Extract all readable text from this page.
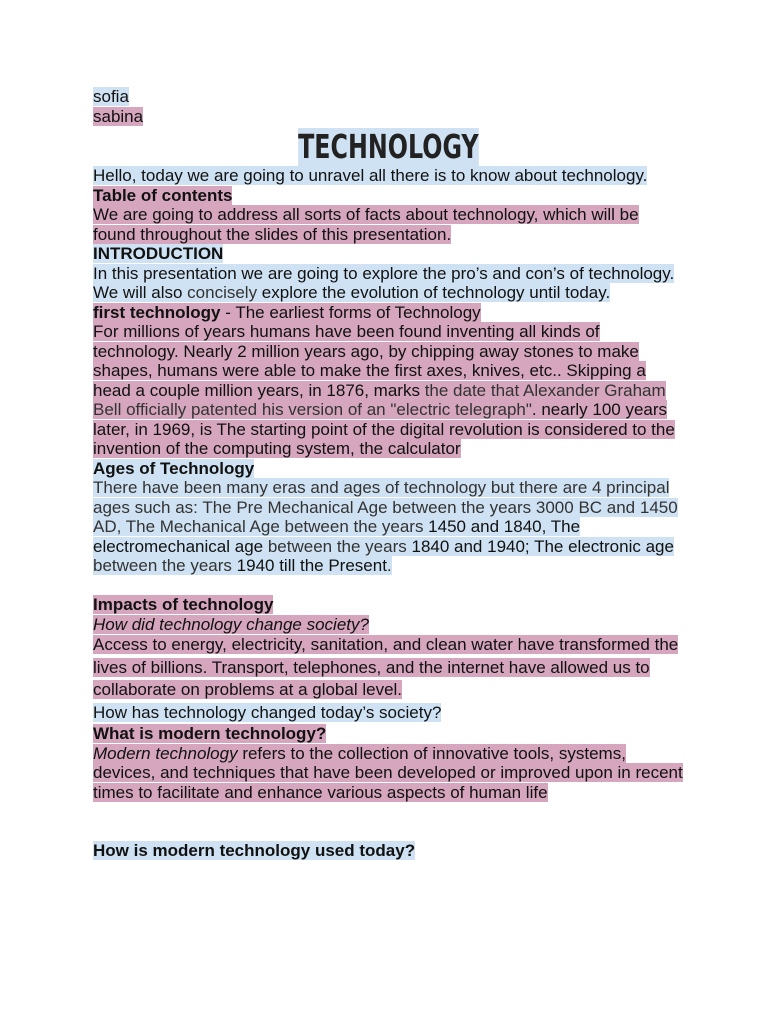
sofia

sabina

TECHNOLOGY

Hello, today we are going to unravel all there is to know about technology.

Table of contents

We are going to address all sorts of facts about technology, which will be found throughout the slides of this presentation.

INTRODUCTION

In this presentation we are going to explore the pro’s and con’s of technology. We will also concisely explore the evolution of technology until today.

first technology - The earliest forms of Technology

For millions of years humans have been found inventing all kinds of technology. Nearly 2 million years ago, by chipping away stones to make shapes, humans were able to make the first axes, knives, etc.. Skipping a head a couple million years, in 1876, marks the date that Alexander Graham Bell officially patented his version of an "electric telegraph". nearly 100 years later, in 1969, is The starting point of the digital revolution is considered to the invention of the computing system, the calculator

Ages of Technology

There have been many eras and ages of technology but there are 4 principal ages such as: The Pre Mechanical Age between the years 3000 BC and 1450 AD, The Mechanical Age between the years 1450 and 1840, The electromechanical age between the years 1840 and 1940; The electronic age between the years 1940 till the Present.

Impacts of technology

How did technology change society?

Access to energy, electricity, sanitation, and clean water have transformed the lives of billions. Transport, telephones, and the internet have allowed us to collaborate on problems at a global level.

How has technology changed today’s society?

What is modern technology?

Modern technology refers to the collection of innovative tools, systems, devices, and techniques that have been developed or improved upon in recent times to facilitate and enhance various aspects of human life

How is modern technology used today?
